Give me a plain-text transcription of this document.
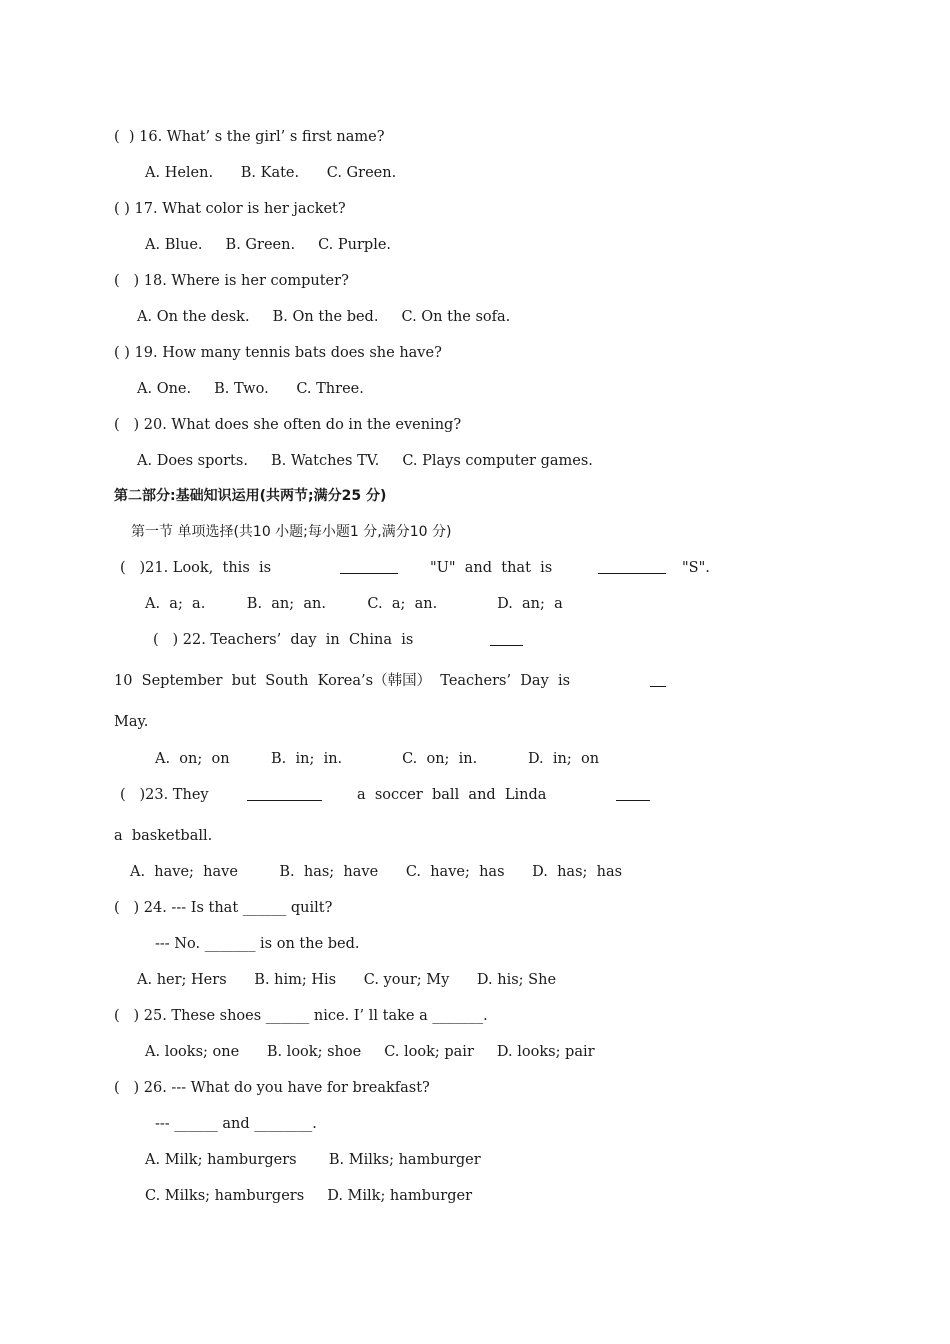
(  ) 16. What’ s the girl’ s first name?
A. Helen.      B. Kate.      C. Green.
( ) 17. What color is her jacket?
A. Blue.     B. Green.     C. Purple.
(   ) 18. Where is her computer?
A. On the desk.     B. On the bed.     C. On the sofa.
( ) 19. How many tennis bats does she have?
A. One.     B. Two.      C. Three.
(   ) 20. What does she often do in the evening?
A. Does sports.     B. Watches TV.     C. Plays computer games.
第二部分:基础知识运用(共两节;满分25 分)
第一节 单项选择(共10 小题;每小题1 分,满分10 分)
(   )21. Look,  this  is	"U"  and  that  is	"S".
A.  a;  a.         B.  an;  an.         C.  a;  an.             D.  an;  a
(   ) 22. Teachers’  day  in  China  is
10  September  but  South  Korea’s（韩国）  Teachers’  Day  is
May.
A.  on;  on         B.  in;  in.             C.  on;  in.           D.  in;  on
(   )23. They	a  soccer  ball  and  Linda
a  basketball.
A.  have;  have         B.  has;  have      C.  have;  has      D.  has;  has
(   ) 24. --- Is that ______ quilt?
--- No. _______ is on the bed.
A. her; Hers      B. him; His      C. your; My      D. his; She
(   ) 25. These shoes ______ nice. I’ ll take a _______.
A. looks; one      B. look; shoe     C. look; pair     D. looks; pair
(   ) 26. --- What do you have for breakfast?
--- ______ and ________.
A. Milk; hamburgers       B. Milks; hamburger
C. Milks; hamburgers     D. Milk; hamburger
